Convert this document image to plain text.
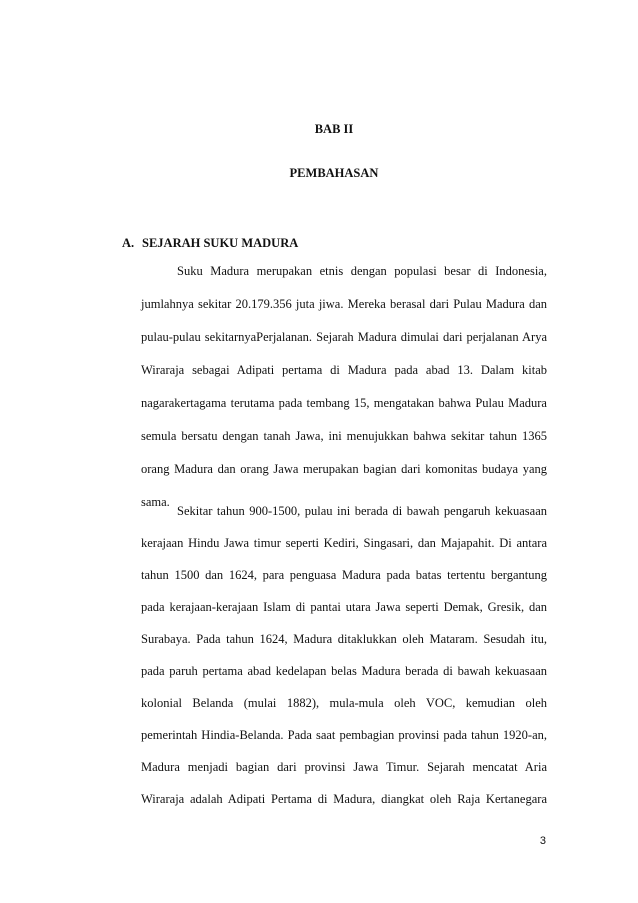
BAB II
PEMBAHASAN
A. SEJARAH SUKU MADURA
Suku Madura merupakan etnis dengan populasi besar di Indonesia,
jumlahnya sekitar 20.179.356 juta jiwa. Mereka berasal dari Pulau Madura dan
pulau-pulau sekitarnyaPerjalanan. Sejarah Madura dimulai dari perjalanan Arya
Wiraraja sebagai Adipati pertama di Madura pada abad 13. Dalam kitab
nagarakertagama terutama pada tembang 15, mengatakan bahwa Pulau Madura
semula bersatu dengan tanah Jawa, ini menujukkan bahwa sekitar tahun 1365
orang Madura dan orang Jawa merupakan bagian dari komonitas budaya yang
sama.
Sekitar tahun 900-1500, pulau ini berada di bawah pengaruh kekuasaan
kerajaan Hindu Jawa timur seperti Kediri, Singasari, dan Majapahit. Di antara
tahun 1500 dan 1624, para penguasa Madura pada batas tertentu bergantung
pada kerajaan-kerajaan Islam di pantai utara Jawa seperti Demak, Gresik, dan
Surabaya. Pada tahun 1624, Madura ditaklukkan oleh Mataram. Sesudah itu,
pada paruh pertama abad kedelapan belas Madura berada di bawah kekuasaan
kolonial Belanda (mulai 1882), mula-mula oleh VOC, kemudian oleh
pemerintah Hindia-Belanda. Pada saat pembagian provinsi pada tahun 1920-an,
Madura menjadi bagian dari provinsi Jawa Timur. Sejarah mencatat Aria
Wiraraja adalah Adipati Pertama di Madura, diangkat oleh Raja Kertanegara
3
